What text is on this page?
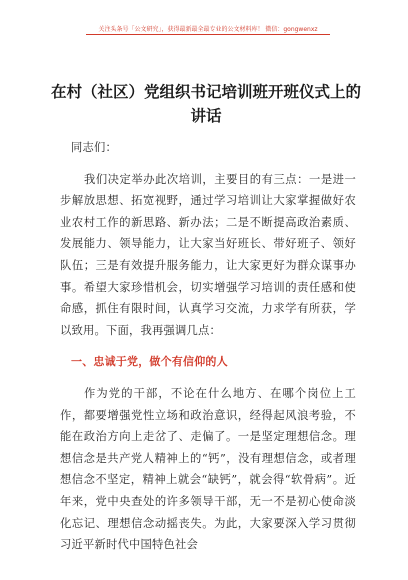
关注头条号「公文研究」，获得最新最全最专业的公文材料库！ 微信：gongwenxz
在村（社区）党组织书记培训班开班仪式上的讲话

同志们：

我们决定举办此次培训，主要目的有三点：一是进一步解放思想、拓宽视野，通过学习培训让大家掌握做好农业农村工作的新思路、新办法；二是不断提高政治素质、发展能力、领导能力，让大家当好班长、带好班子、领好队伍；三是有效提升服务能力，让大家更好为群众谋事办事。希望大家珍惜机会，切实增强学习培训的责任感和使命感，抓住有限时间，认真学习交流，力求学有所获，学以致用。下面，我再强调几点：

一、忠诚于党，做个有信仰的人

作为党的干部，不论在什么地方、在哪个岗位上工作，都要增强党性立场和政治意识，经得起风浪考验，不能在政治方向上走岔了、走偏了。一是坚定理想信念。理想信念是共产党人精神上的“钙”，没有理想信念，或者理想信念不坚定，精神上就会“缺钙”，就会得“软骨病”。近年来，党中央查处的许多领导干部，无一不是初心使命淡化忘记、理想信念动摇丧失。为此，大家要深入学习贯彻习近平新时代中国特色社会
